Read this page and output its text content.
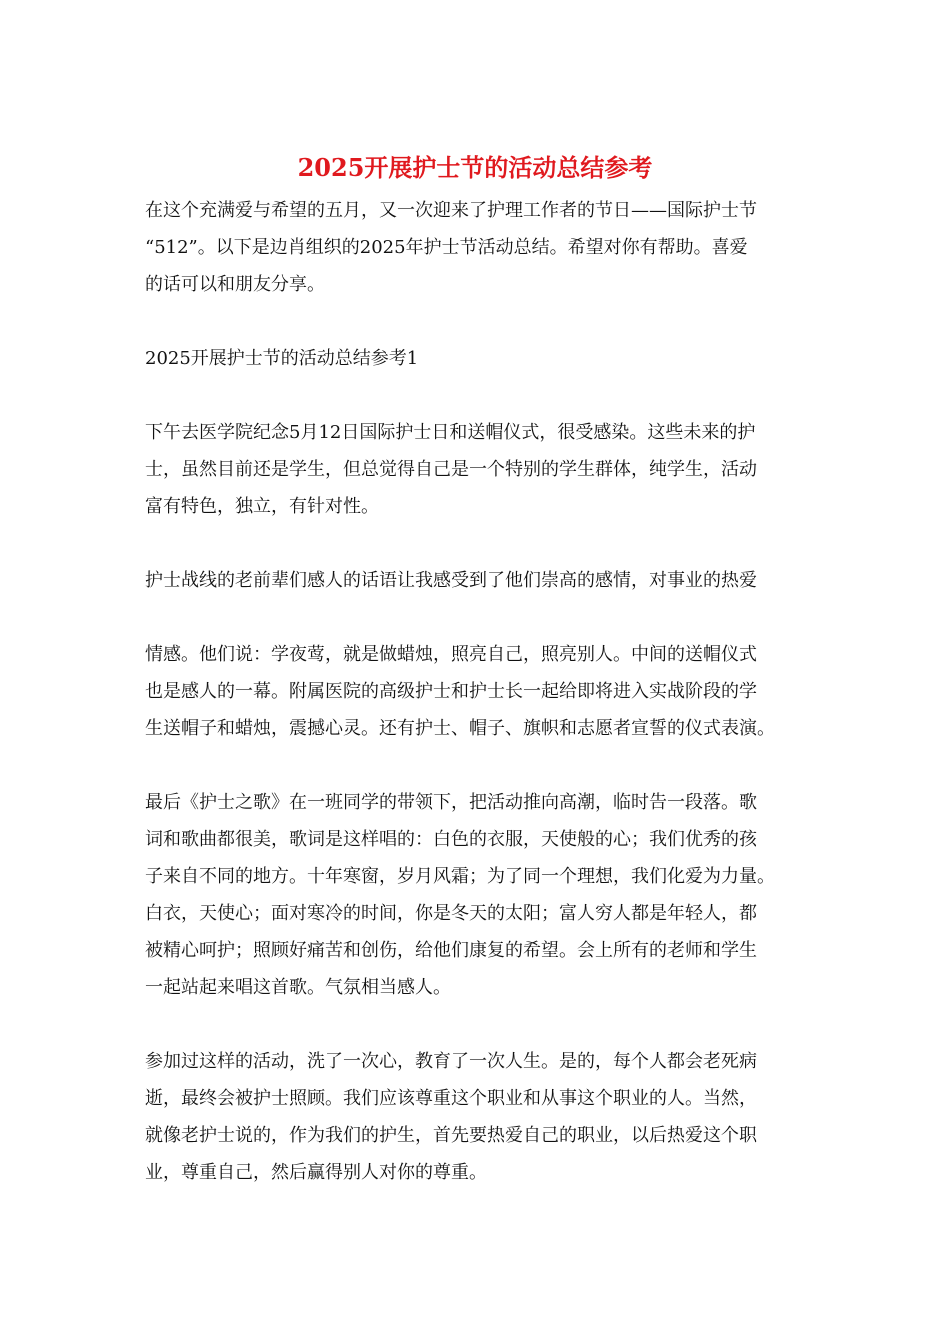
2025开展护士节的活动总结参考

在这个充满爱与希望的五月，又一次迎来了护理工作者的节日——国际护士节
“512”。以下是边肖组织的2025年护士节活动总结。希望对你有帮助。喜爱
的话可以和朋友分享。

2025开展护士节的活动总结参考1

下午去医学院纪念5月12日国际护士日和送帽仪式，很受感染。这些未来的护
士，虽然目前还是学生，但总觉得自己是一个特别的学生群体，纯学生，活动
富有特色，独立，有针对性。

护士战线的老前辈们感人的话语让我感受到了他们崇高的感情，对事业的热爱

情感。他们说：学夜莺，就是做蜡烛，照亮自己，照亮别人。中间的送帽仪式
也是感人的一幕。附属医院的高级护士和护士长一起给即将进入实战阶段的学
生送帽子和蜡烛，震撼心灵。还有护士、帽子、旗帜和志愿者宣誓的仪式表演。

最后《护士之歌》在一班同学的带领下，把活动推向高潮，临时告一段落。歌
词和歌曲都很美，歌词是这样唱的：白色的衣服，天使般的心；我们优秀的孩
子来自不同的地方。十年寒窗，岁月风霜；为了同一个理想，我们化爱为力量。
白衣，天使心；面对寒冷的时间，你是冬天的太阳；富人穷人都是年轻人，都
被精心呵护；照顾好痛苦和创伤，给他们康复的希望。会上所有的老师和学生
一起站起来唱这首歌。气氛相当感人。

参加过这样的活动，洗了一次心，教育了一次人生。是的，每个人都会老死病
逝，最终会被护士照顾。我们应该尊重这个职业和从事这个职业的人。当然，
就像老护士说的，作为我们的护生，首先要热爱自己的职业，以后热爱这个职
业，尊重自己，然后赢得别人对你的尊重。
